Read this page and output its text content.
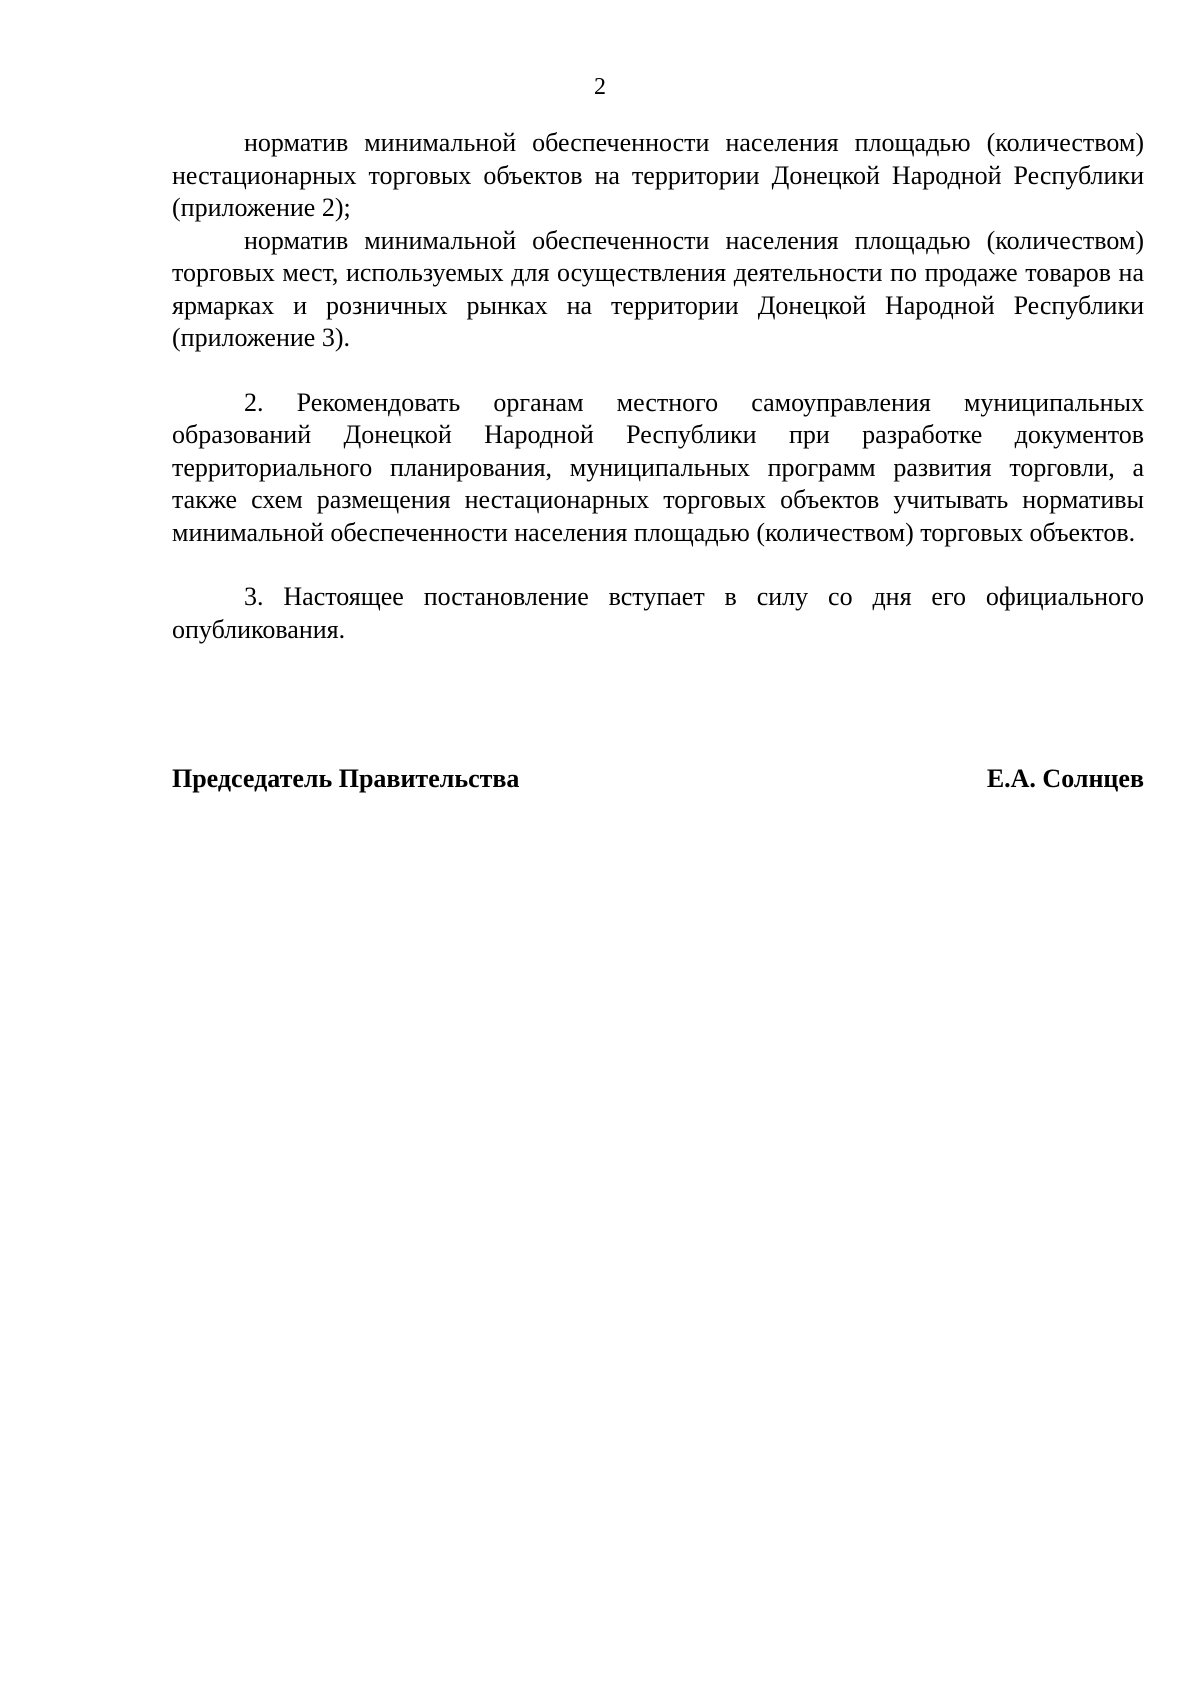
2

норматив минимальной обеспеченности населения площадью (количеством) нестационарных торговых объектов на территории Донецкой Народной Республики (приложение 2);

норматив минимальной обеспеченности населения площадью (количеством) торговых мест, используемых для осуществления деятельности по продаже товаров на ярмарках и розничных рынках на территории Донецкой Народной Республики (приложение 3).

2. Рекомендовать органам местного самоуправления муниципальных образований Донецкой Народной Республики при разработке документов территориального планирования, муниципальных программ развития торговли, а также схем размещения нестационарных торговых объектов учитывать нормативы минимальной обеспеченности населения площадью (количеством) торговых объектов.

3. Настоящее постановление вступает в силу со дня его официального опубликования.

Председатель Правительства	Е.А. Солнцев
